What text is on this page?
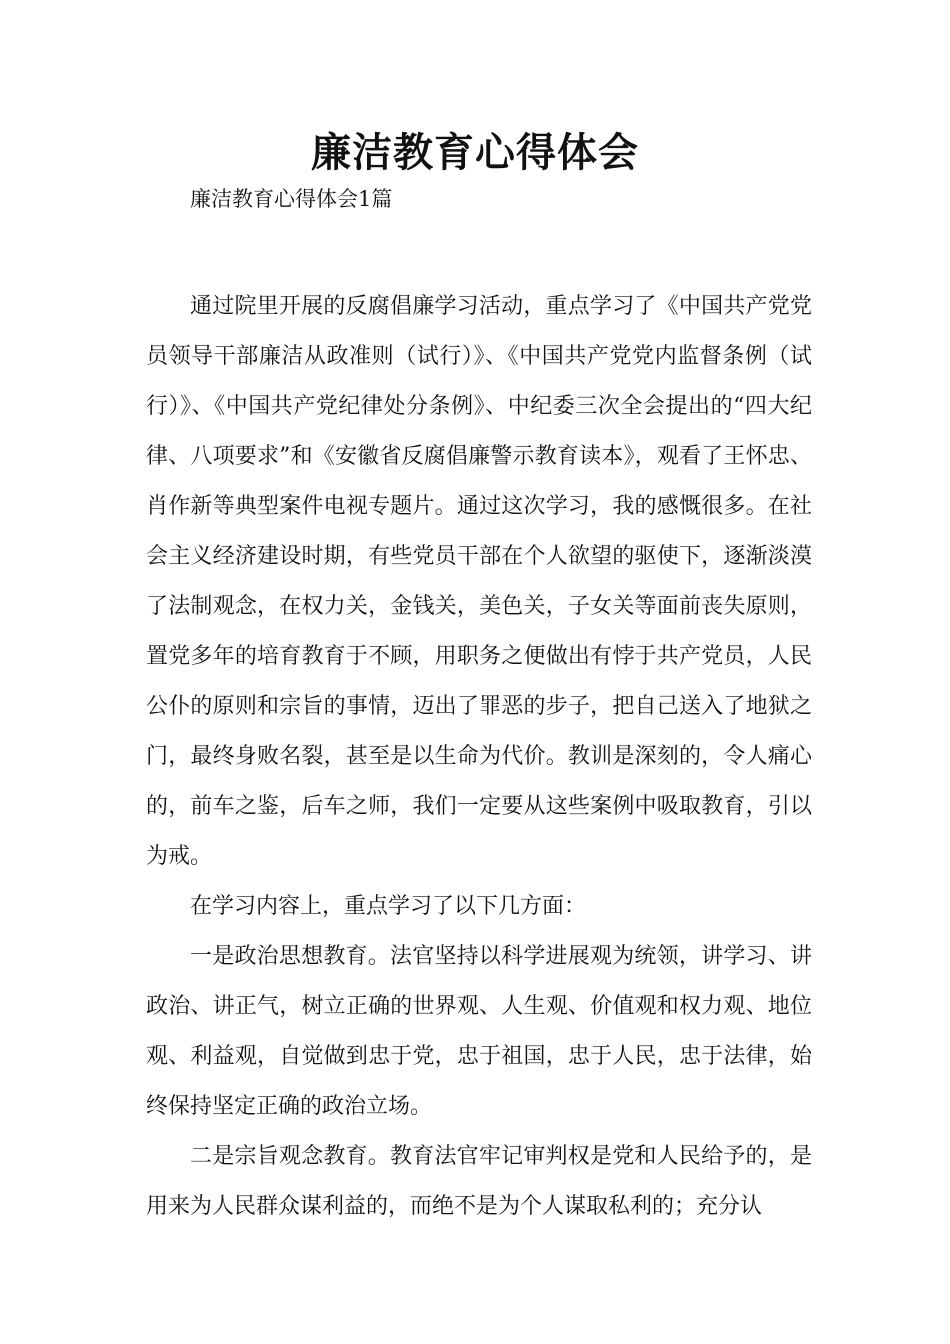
廉洁教育心得体会

廉洁教育心得体会1篇

通过院里开展的反腐倡廉学习活动，重点学习了《中国共产党党员领导干部廉洁从政准则（试行）》、《中国共产党党内监督条例（试行）》、《中国共产党纪律处分条例》、中纪委三次全会提出的“四大纪律、八项要求”和《安徽省反腐倡廉警示教育读本》，观看了王怀忠、肖作新等典型案件电视专题片。通过这次学习，我的感慨很多。在社会主义经济建设时期，有些党员干部在个人欲望的驱使下，逐渐淡漠了法制观念，在权力关，金钱关，美色关，子女关等面前丧失原则，置党多年的培育教育于不顾，用职务之便做出有悖于共产党员，人民公仆的原则和宗旨的事情，迈出了罪恶的步子，把自己送入了地狱之门，最终身败名裂，甚至是以生命为代价。教训是深刻的，令人痛心的，前车之鉴，后车之师，我们一定要从这些案例中吸取教育，引以为戒。

在学习内容上，重点学习了以下几方面：

一是政治思想教育。法官坚持以科学进展观为统领，讲学习、讲政治、讲正气，树立正确的世界观、人生观、价值观和权力观、地位观、利益观，自觉做到忠于党，忠于祖国，忠于人民，忠于法律，始终保持坚定正确的政治立场。

二是宗旨观念教育。教育法官牢记审判权是党和人民给予的，是用来为人民群众谋利益的，而绝不是为个人谋取私利的；充分认
